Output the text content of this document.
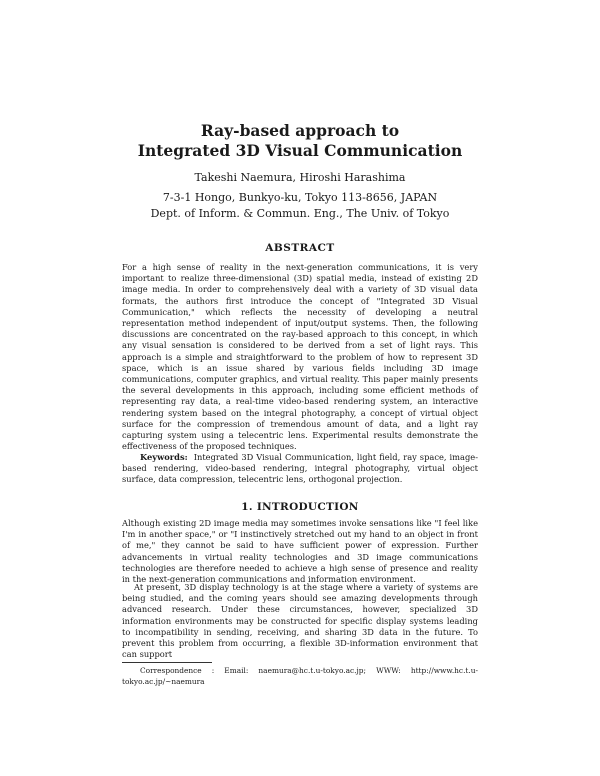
Ray-based approach to
Integrated 3D Visual Communication
Takeshi Naemura, Hiroshi Harashima
7-3-1 Hongo, Bunkyo-ku, Tokyo 113-8656, JAPAN
Dept. of Inform. & Commun. Eng., The Univ. of Tokyo
ABSTRACT

For a high sense of reality in the next-generation communications, it is very important to realize three-dimensional (3D) spatial media, instead of existing 2D image media. In order to comprehensively deal with a variety of 3D visual data formats, the authors first introduce the concept of "Integrated 3D Visual Communication," which reflects the necessity of developing a neutral representation method independent of input/output systems. Then, the following discussions are concentrated on the ray-based approach to this concept, in which any visual sensation is considered to be derived from a set of light rays. This approach is a simple and straightforward to the problem of how to represent 3D space, which is an issue shared by various fields including 3D image communications, computer graphics, and virtual reality. This paper mainly presents the several developments in this approach, including some efficient methods of representing ray data, a real-time video-based rendering system, an interactive rendering system based on the integral photography, a concept of virtual object surface for the compression of tremendous amount of data, and a light ray capturing system using a telecentric lens. Experimental results demonstrate the effectiveness of the proposed techniques.

Keywords: Integrated 3D Visual Communication, light field, ray space, image-based rendering, video-based rendering, integral photography, virtual object surface, data compression, telecentric lens, orthogonal projection.

1. INTRODUCTION

Although existing 2D image media may sometimes invoke sensations like "I feel like I'm in another space," or "I instinctively stretched out my hand to an object in front of me," they cannot be said to have sufficient power of expression. Further advancements in virtual reality technologies and 3D image communications technologies are therefore needed to achieve a high sense of presence and reality in the next-generation communications and information environment.

At present, 3D display technology is at the stage where a variety of systems are being studied, and the coming years should see amazing developments through advanced research. Under these circumstances, however, specialized 3D information environments may be constructed for specific display systems leading to incompatibility in sending, receiving, and sharing 3D data in the future. To prevent this problem from occurring, a flexible 3D-information environment that can support

Correspondence : Email: naemura@hc.t.u-tokyo.ac.jp; WWW: http://www.hc.t.u-tokyo.ac.jp/~naemura
